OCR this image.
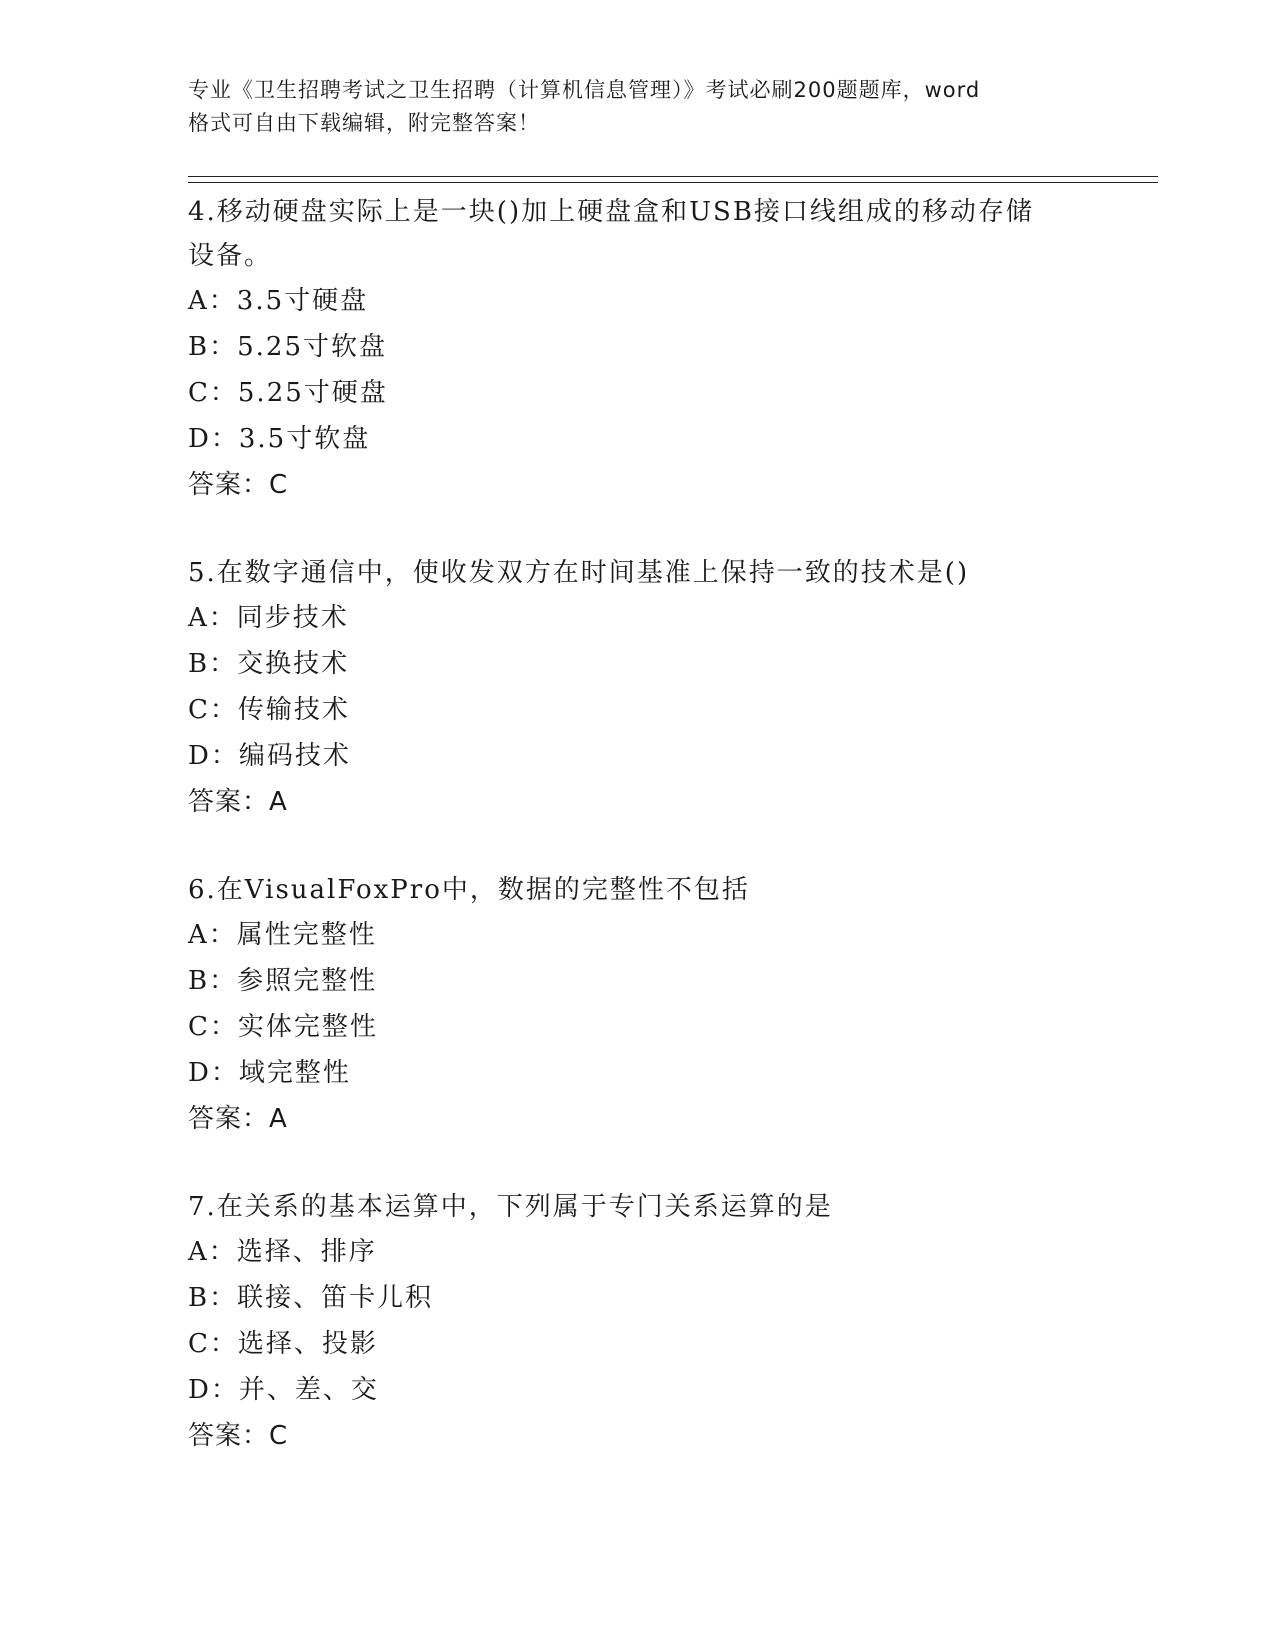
专业《卫生招聘考试之卫生招聘（计算机信息管理）》考试必刷200题题库，word
格式可自由下载编辑，附完整答案！

4.移动硬盘实际上是一块()加上硬盘盒和USB接口线组成的移动存储

设备。

A：3.5寸硬盘

B：5.25寸软盘

C：5.25寸硬盘

D：3.5寸软盘

答案：C

5.在数字通信中，使收发双方在时间基准上保持一致的技术是()

A：同步技术

B：交换技术

C：传输技术

D：编码技术

答案：A

6.在VisualFoxPro中，数据的完整性不包括

A：属性完整性

B：参照完整性

C：实体完整性

D：域完整性

答案：A

7.在关系的基本运算中，下列属于专门关系运算的是

A：选择、排序

B：联接、笛卡儿积

C：选择、投影

D：并、差、交

答案：C
